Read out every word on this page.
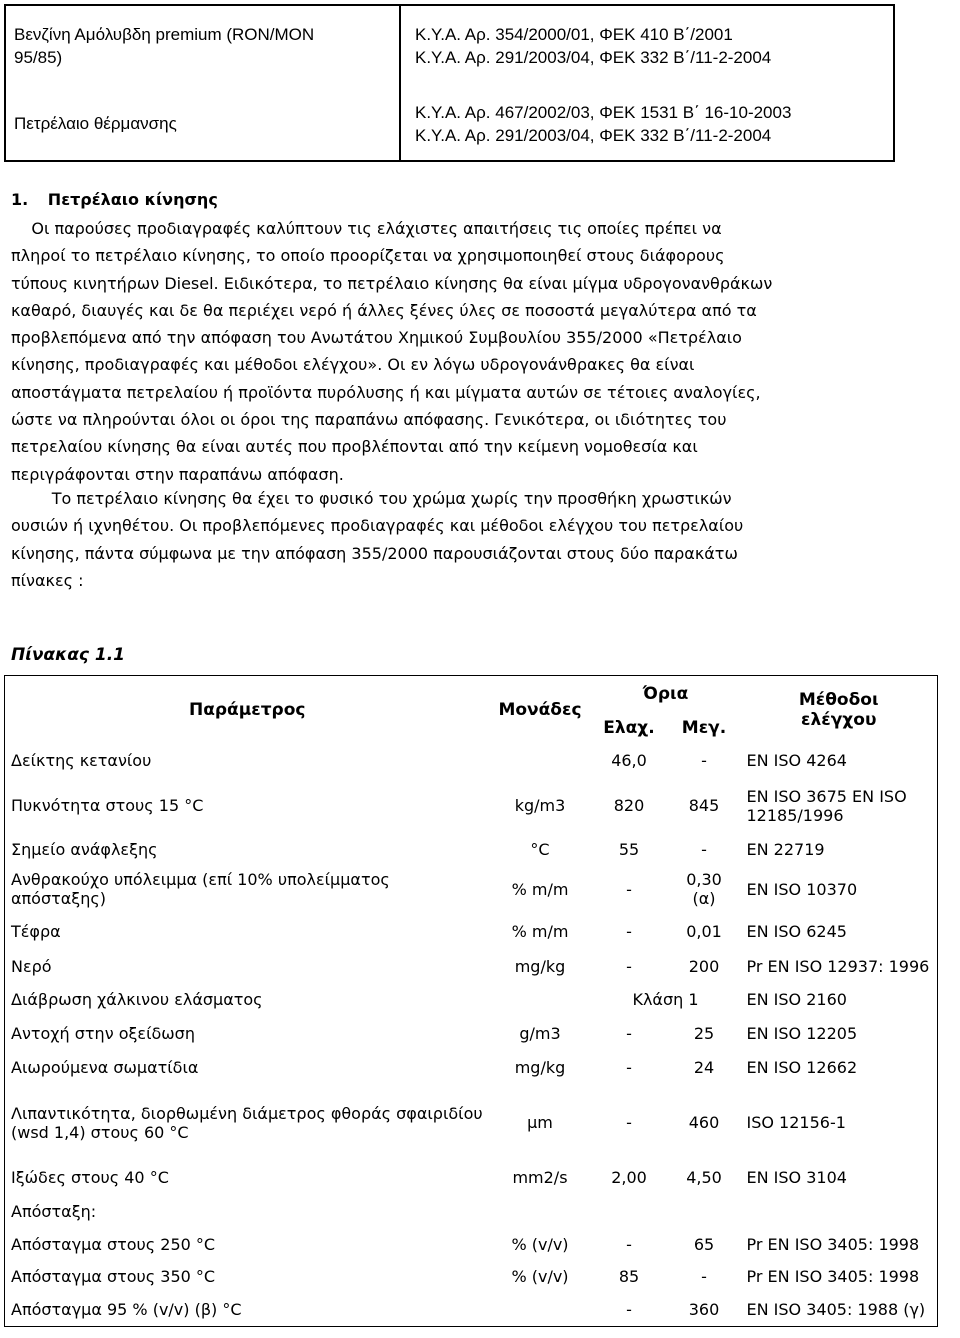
Βενζίνη Αμόλυβδη premium (RON/MON
95/85)	Κ.Υ.Α. Αρ. 354/2000/01, ΦΕΚ 410 Β΄/2001
Κ.Υ.Α. Αρ. 291/2003/04, ΦΕΚ 332 Β΄/11-2-2004

Πετρέλαιο θέρμανσης	Κ.Υ.Α. Αρ. 467/2002/03, ΦΕΚ 1531 Β΄ 16-10-2003
Κ.Υ.Α. Αρ. 291/2003/04, ΦΕΚ 332 Β΄/11-2-2004
1. Πετρέλαιο κίνησης
Οι παρούσες προδιαγραφές καλύπτουν τις ελάχιστες απαιτήσεις τις οποίες πρέπει να
πληροί το πετρέλαιο κίνησης, το οποίο προορίζεται να χρησιμοποιηθεί στους διάφορους
τύπους κινητήρων Diesel. Ειδικότερα, το πετρέλαιο κίνησης θα είναι μίγμα υδρογονανθράκων
καθαρό, διαυγές και δε θα περιέχει νερό ή άλλες ξένες ύλες σε ποσοστά μεγαλύτερα από τα
προβλεπόμενα από την απόφαση του Ανωτάτου Χημικού Συμβουλίου 355/2000 «Πετρέλαιο
κίνησης, προδιαγραφές και μέθοδοι ελέγχου». Οι εν λόγω υδρογονάνθρακες θα είναι
αποστάγματα πετρελαίου ή προϊόντα πυρόλυσης ή και μίγματα αυτών σε τέτοιες αναλογίες,
ώστε να πληρούνται όλοι οι όροι της παραπάνω απόφασης. Γενικότερα, οι ιδιότητες του
πετρελαίου κίνησης θα είναι αυτές που προβλέπονται από την κείμενη νομοθεσία και
περιγράφονται στην παραπάνω απόφαση.
Το πετρέλαιο κίνησης θα έχει το φυσικό του χρώμα χωρίς την προσθήκη χρωστικών
ουσιών ή ιχνηθέτου. Οι προβλεπόμενες προδιαγραφές και μέθοδοι ελέγχου του πετρελαίου
κίνησης, πάντα σύμφωνα με την απόφαση 355/2000 παρουσιάζονται στους δύο παρακάτω
πίνακες :
Πίνακας 1.1
Παράμετρος	Μονάδες	Όρια		Μέθοδοι
ελέγχου

		Ελαχ.	Μεγ.	
Δείκτης κετανίου		46,0	-	EN ISO 4264
Πυκνότητα στους 15 °C	kg/m3	820	845	EN ISO 3675 EN ISO 12185/1996
Σημείο ανάφλεξης	°C	55	-	EN 22719
Ανθρακούχο υπόλειμμα (επί 10% υπολείμματος απόσταξης)	% m/m	-	0,30 (α)	EN ISO 10370
Τέφρα	% m/m	-	0,01	EN ISO 6245
Νερό	mg/kg	-	200	Pr EN ISO 12937: 1996
Διάβρωση χάλκινου ελάσματος		Κλάση 1		EN ISO 2160
Αντοχή στην οξείδωση	g/m3	-	25	EN ISO 12205
Αιωρούμενα σωματίδια	mg/kg	-	24	EN ISO 12662
Λιπαντικότητα, διορθωμένη διάμετρος φθοράς σφαιριδίου (wsd 1,4) στους 60 °C	μm	-	460	ISO 12156-1
Ιξώδες στους 40 °C	mm2/s	2,00	4,50	EN ISO 3104
Απόσταξη:				
Απόσταγμα στους 250 °C	% (v/v)	-	65	Pr EN ISO 3405: 1998
Απόσταγμα στους 350 °C	% (v/v)	85	-	Pr EN ISO 3405: 1998
Απόσταγμα 95 % (v/v) (β) °C		-	360	EN ISO 3405: 1988 (γ)
